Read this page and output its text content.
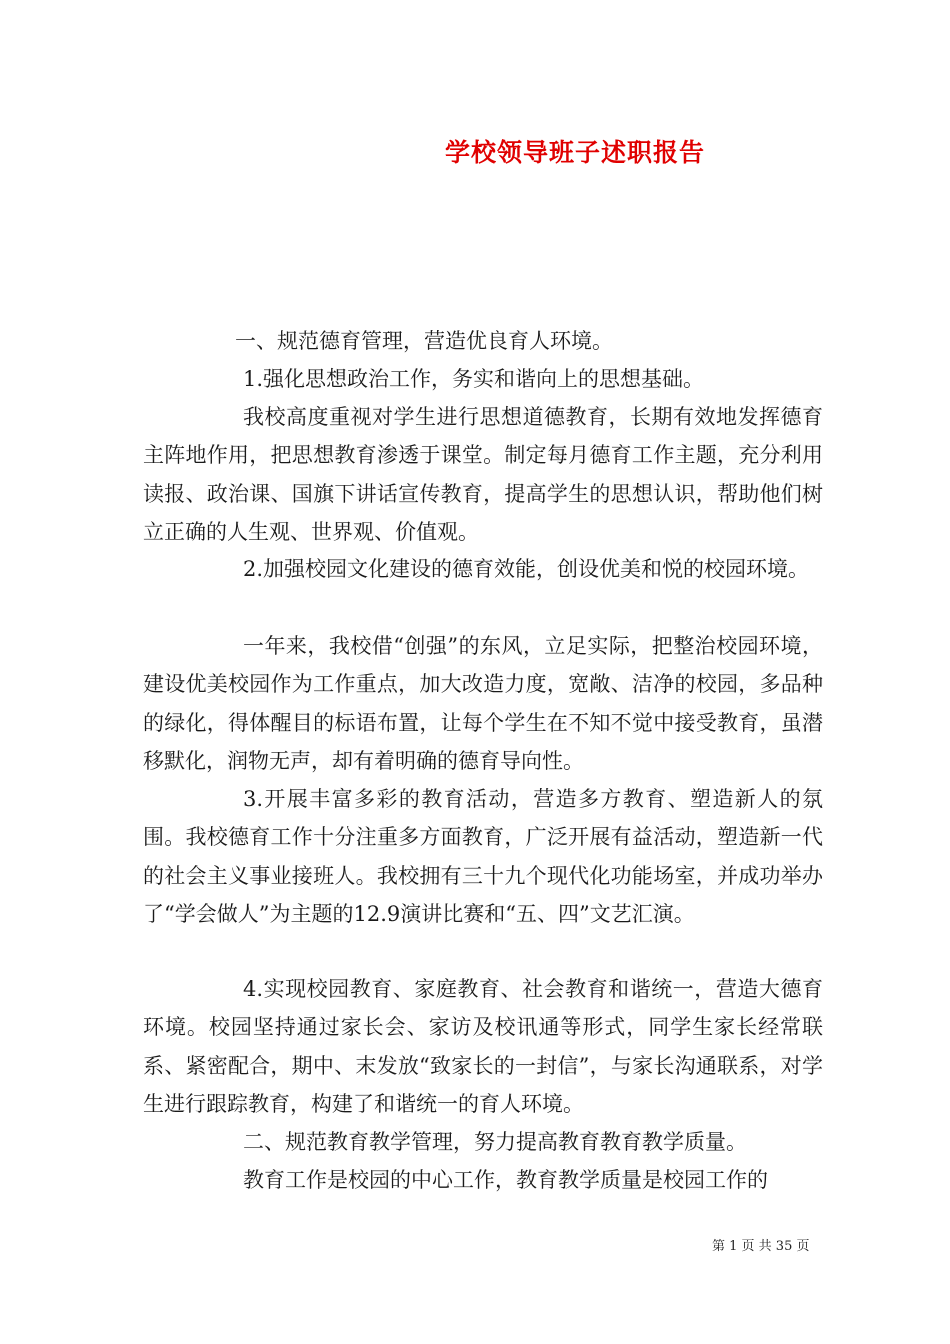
学校领导班子述职报告

一、规范德育管理，营造优良育人环境。

1.强化思想政治工作，务实和谐向上的思想基础。

我校高度重视对学生进行思想道德教育，长期有效地发挥德育主阵地作用，把思想教育渗透于课堂。制定每月德育工作主题，充分利用读报、政治课、国旗下讲话宣传教育，提高学生的思想认识，帮助他们树立正确的人生观、世界观、价值观。

2.加强校园文化建设的德育效能，创设优美和悦的校园环境。

一年来，我校借“创强”的东风，立足实际，把整治校园环境，建设优美校园作为工作重点，加大改造力度，宽敞、洁净的校园，多品种的绿化，得体醒目的标语布置，让每个学生在不知不觉中接受教育，虽潜移默化，润物无声，却有着明确的德育导向性。

3.开展丰富多彩的教育活动，营造多方教育、塑造新人的氛围。我校德育工作十分注重多方面教育，广泛开展有益活动，塑造新一代的社会主义事业接班人。我校拥有三十九个现代化功能场室，并成功举办了“学会做人”为主题的12.9演讲比赛和“五、四”文艺汇演。

4.实现校园教育、家庭教育、社会教育和谐统一，营造大德育环境。校园坚持通过家长会、家访及校讯通等形式，同学生家长经常联系、紧密配合，期中、末发放“致家长的一封信”，与家长沟通联系，对学生进行跟踪教育，构建了和谐统一的育人环境。

二、规范教育教学管理，努力提高教育教育教学质量。

教育工作是校园的中心工作，教育教学质量是校园工作的

第 1 页 共 35 页
